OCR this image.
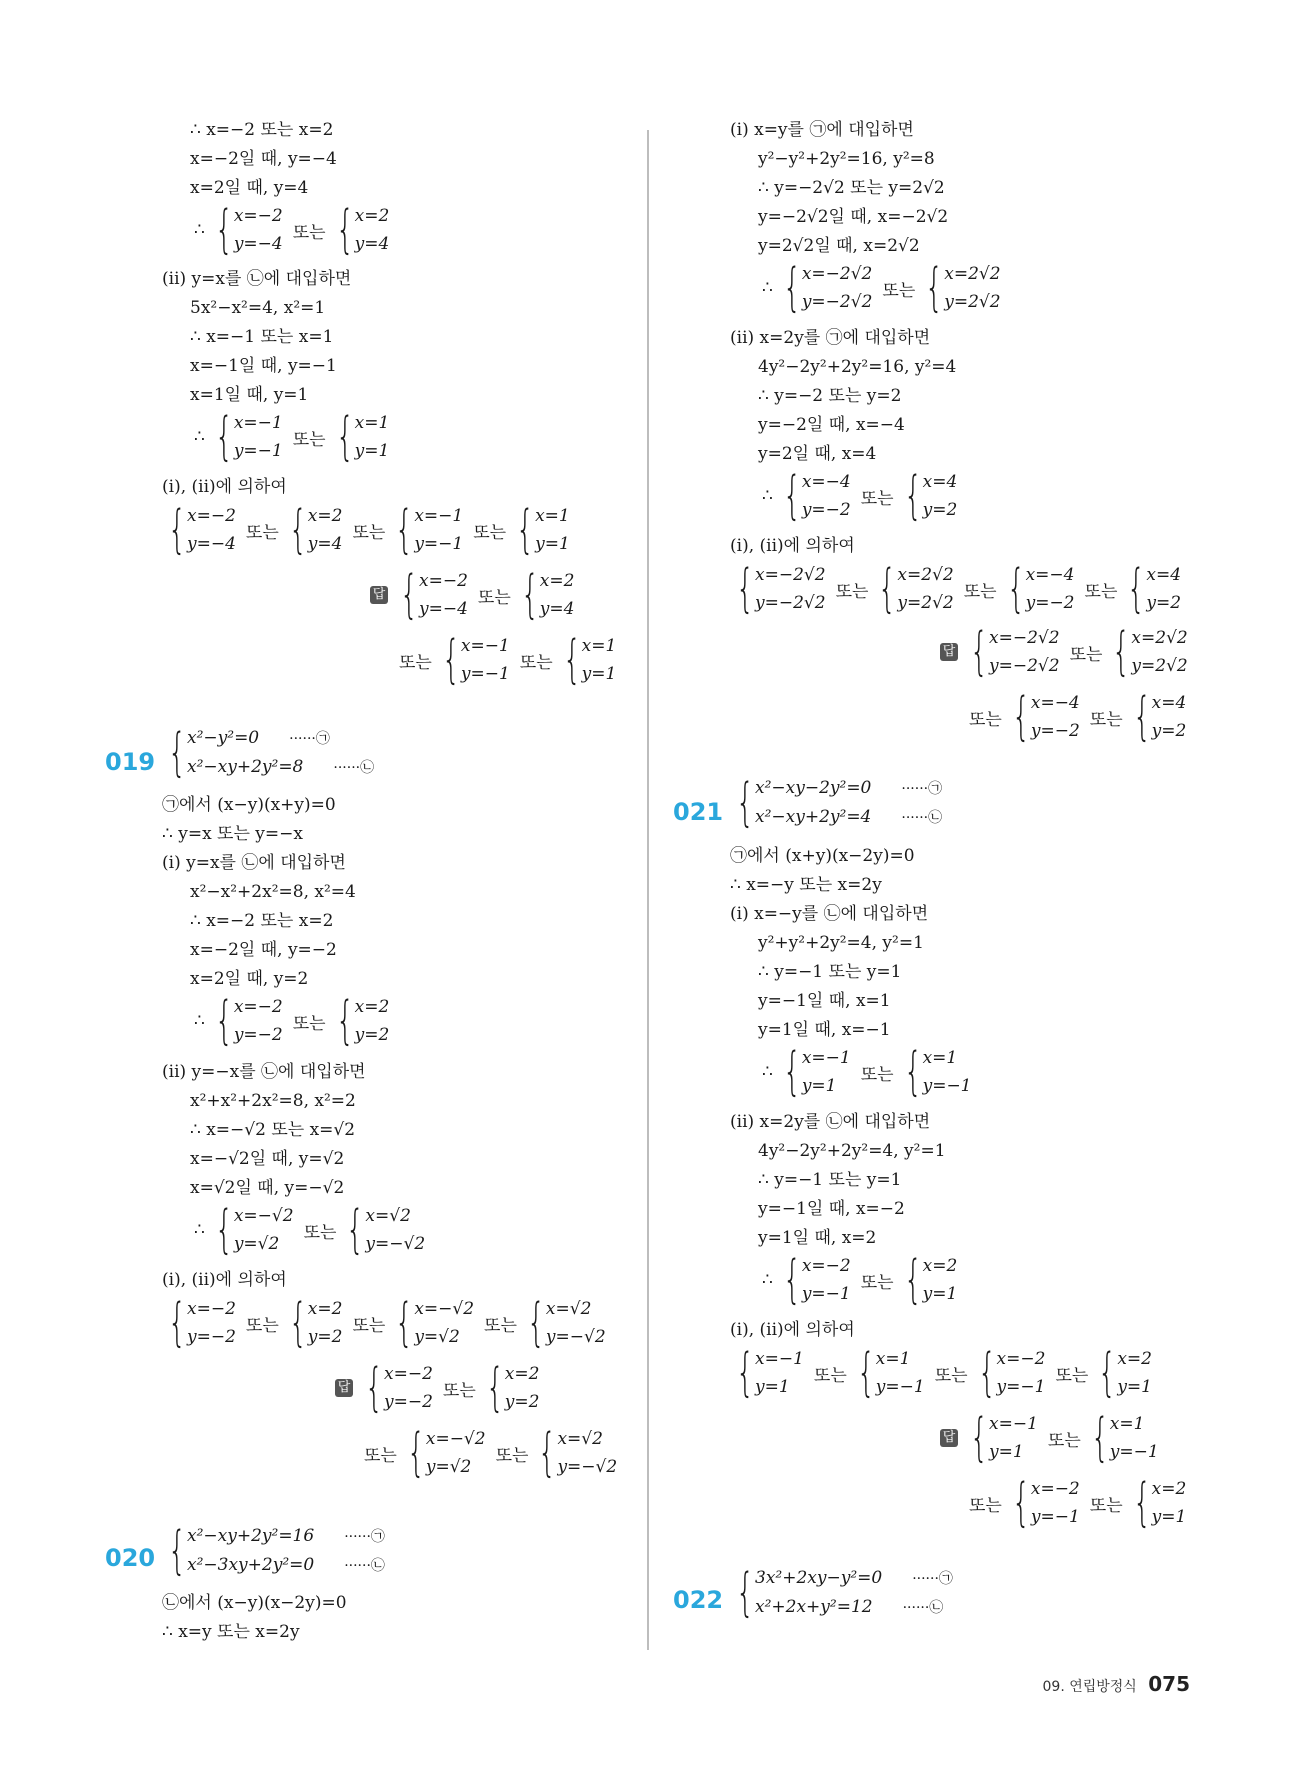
∴ x=−2 또는 x=2
x=−2일 때, y=−4
x=2일 때, y=4
∴ { x=−2
y=−4
또는 { x=2
y=4
(ii) y=x를 ㉡에 대입하면
5x²−x²=4, x²=1
∴ x=−1 또는 x=1
x=−1일 때, y=−1
x=1일 때, y=1
∴ { x=−1
y=−1
또는 { x=1
y=1
(i), (ii)에 의하여
{ x=−2
y=−4
또는 { x=2
y=4
또는 { x=−1
y=−1
또는 { x=1
y=1
답 { x=−2
y=−4
또는 { x=2
y=4
또는 { x=−1
y=−1
또는 { x=1
y=1
{ x²−y²=0 ······㉠
x²−xy+2y²=8 ······㉡
㉠에서 (x−y)(x+y)=0
∴ y=x 또는 y=−x
(i) y=x를 ㉡에 대입하면
x²−x²+2x²=8, x²=4
∴ x=−2 또는 x=2
x=−2일 때, y=−2
x=2일 때, y=2
∴ { x=−2
y=−2
또는 { x=2
y=2
(ii) y=−x를 ㉡에 대입하면
x²+x²+2x²=8, x²=2
∴ x=−√2 또는 x=√2
x=−√2일 때, y=√2
x=√2일 때, y=−√2
∴ { x=−√2
y=√2
또는 { x=√2
y=−√2
(i), (ii)에 의하여
{ x=−2
y=−2
또는 { x=2
y=2
또는 { x=−√2
y=√2
또는 { x=√2
y=−√2
답 { x=−2
y=−2
또는 { x=2
y=2
또는 { x=−√2
y=√2
또는 { x=√2
y=−√2
{ x²−xy+2y²=16 ······㉠
x²−3xy+2y²=0 ······㉡
㉡에서 (x−y)(x−2y)=0
∴ x=y 또는 x=2y
(i) x=y를 ㉠에 대입하면
y²−y²+2y²=16, y²=8
∴ y=−2√2 또는 y=2√2
y=−2√2일 때, x=−2√2
y=2√2일 때, x=2√2
∴ { x=−2√2
y=−2√2
또는 { x=2√2
y=2√2
(ii) x=2y를 ㉠에 대입하면
4y²−2y²+2y²=16, y²=4
∴ y=−2 또는 y=2
y=−2일 때, x=−4
y=2일 때, x=4
∴ { x=−4
y=−2
또는 { x=4
y=2
(i), (ii)에 의하여
{ x=−2√2
y=−2√2
또는 { x=2√2
y=2√2
또는 { x=−4
y=−2
또는 { x=4
y=2
답 { x=−2√2
y=−2√2
또는 { x=2√2
y=2√2
또는 { x=−4
y=−2
또는 { x=4
y=2
{ x²−xy−2y²=0 ······㉠
x²−xy+2y²=4 ······㉡
㉠에서 (x+y)(x−2y)=0
∴ x=−y 또는 x=2y
(i) x=−y를 ㉡에 대입하면
y²+y²+2y²=4, y²=1
∴ y=−1 또는 y=1
y=−1일 때, x=1
y=1일 때, x=−1
∴ { x=−1
y=1
또는 { x=1
y=−1
(ii) x=2y를 ㉡에 대입하면
4y²−2y²+2y²=4, y²=1
∴ y=−1 또는 y=1
y=−1일 때, x=−2
y=1일 때, x=2
∴ { x=−2
y=−1
또는 { x=2
y=1
(i), (ii)에 의하여
{ x=−1
y=1
또는 { x=1
y=−1
또는 { x=−2
y=−1
또는 { x=2
y=1
답 { x=−1
y=1
또는 { x=1
y=−1
또는 { x=−2
y=−1
또는 { x=2
y=1
{ 3x²+2xy−y²=0 ······㉠
x²+2x+y²=12 ······㉡
019
020
021
022
09. 연립방정식 075
